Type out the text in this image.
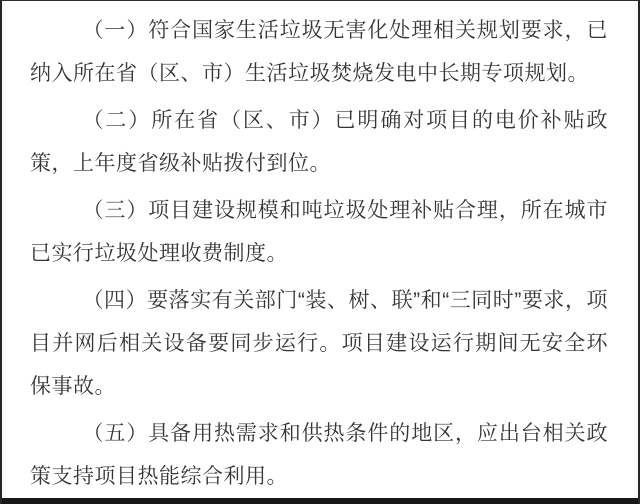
（一）符合国家生活垃圾无害化处理相关规划要求，已纳入所在省（区、市）生活垃圾焚烧发电中长期专项规划。

（二）所在省（区、市）已明确对项目的电价补贴政策，上年度省级补贴拨付到位。

（三）项目建设规模和吨垃圾处理补贴合理，所在城市已实行垃圾处理收费制度。

（四）要落实有关部门“装、树、联”和“三同时”要求，项目并网后相关设备要同步运行。项目建设运行期间无安全环保事故。

（五）具备用热需求和供热条件的地区，应出台相关政策支持项目热能综合利用。
